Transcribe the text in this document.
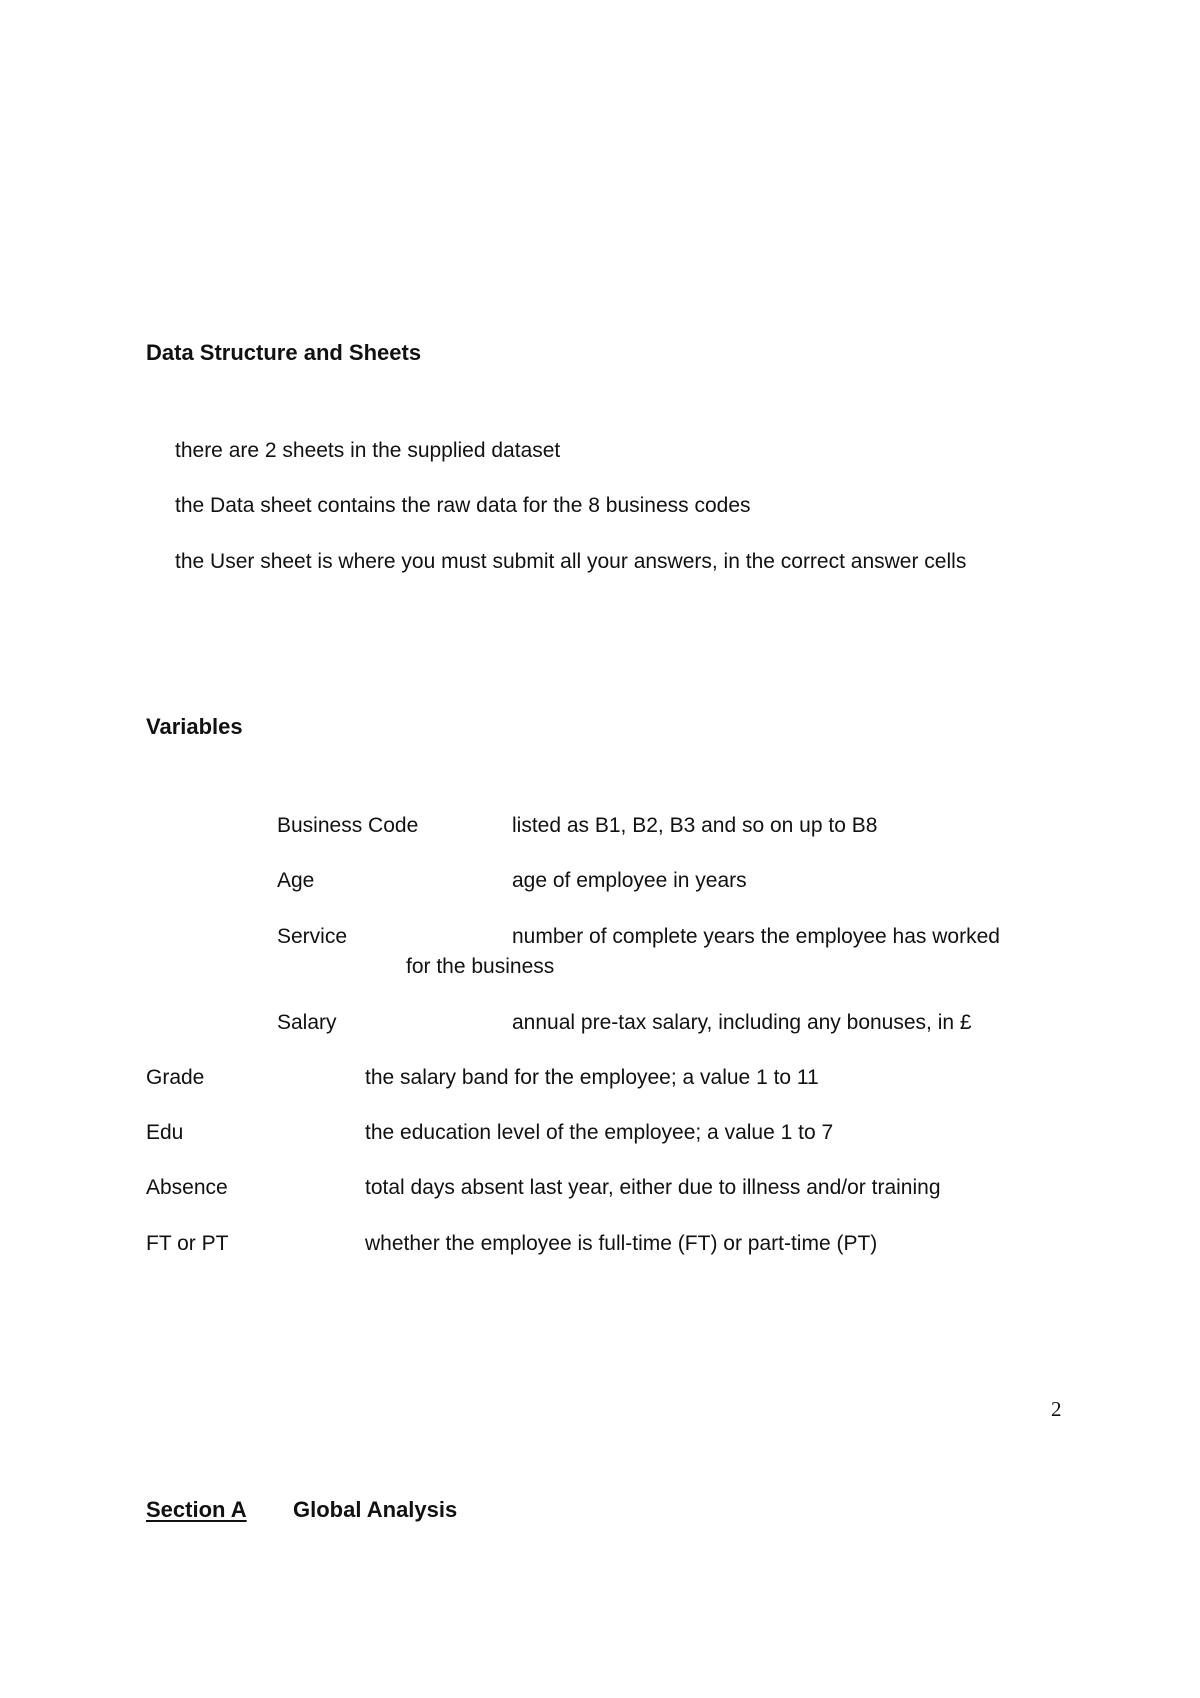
Data Structure and Sheets
there are 2 sheets in the supplied dataset
the Data sheet contains the raw data for the 8 business codes
the User sheet is where you must submit all your answers, in the correct answer cells
Variables
Business Code	listed as B1, B2, B3 and so on up to B8
Age	age of employee in years
Service	number of complete years the employee has worked
for the business
Salary	annual pre-tax salary, including any bonuses, in £
Grade	the salary band for the employee; a value 1 to 11
Edu	the education level of the employee; a value 1 to 7
Absence	total days absent last year, either due to illness and/or training
FT or PT	whether the employee is full-time (FT) or part-time (PT)
2
Section A Global Analysis
